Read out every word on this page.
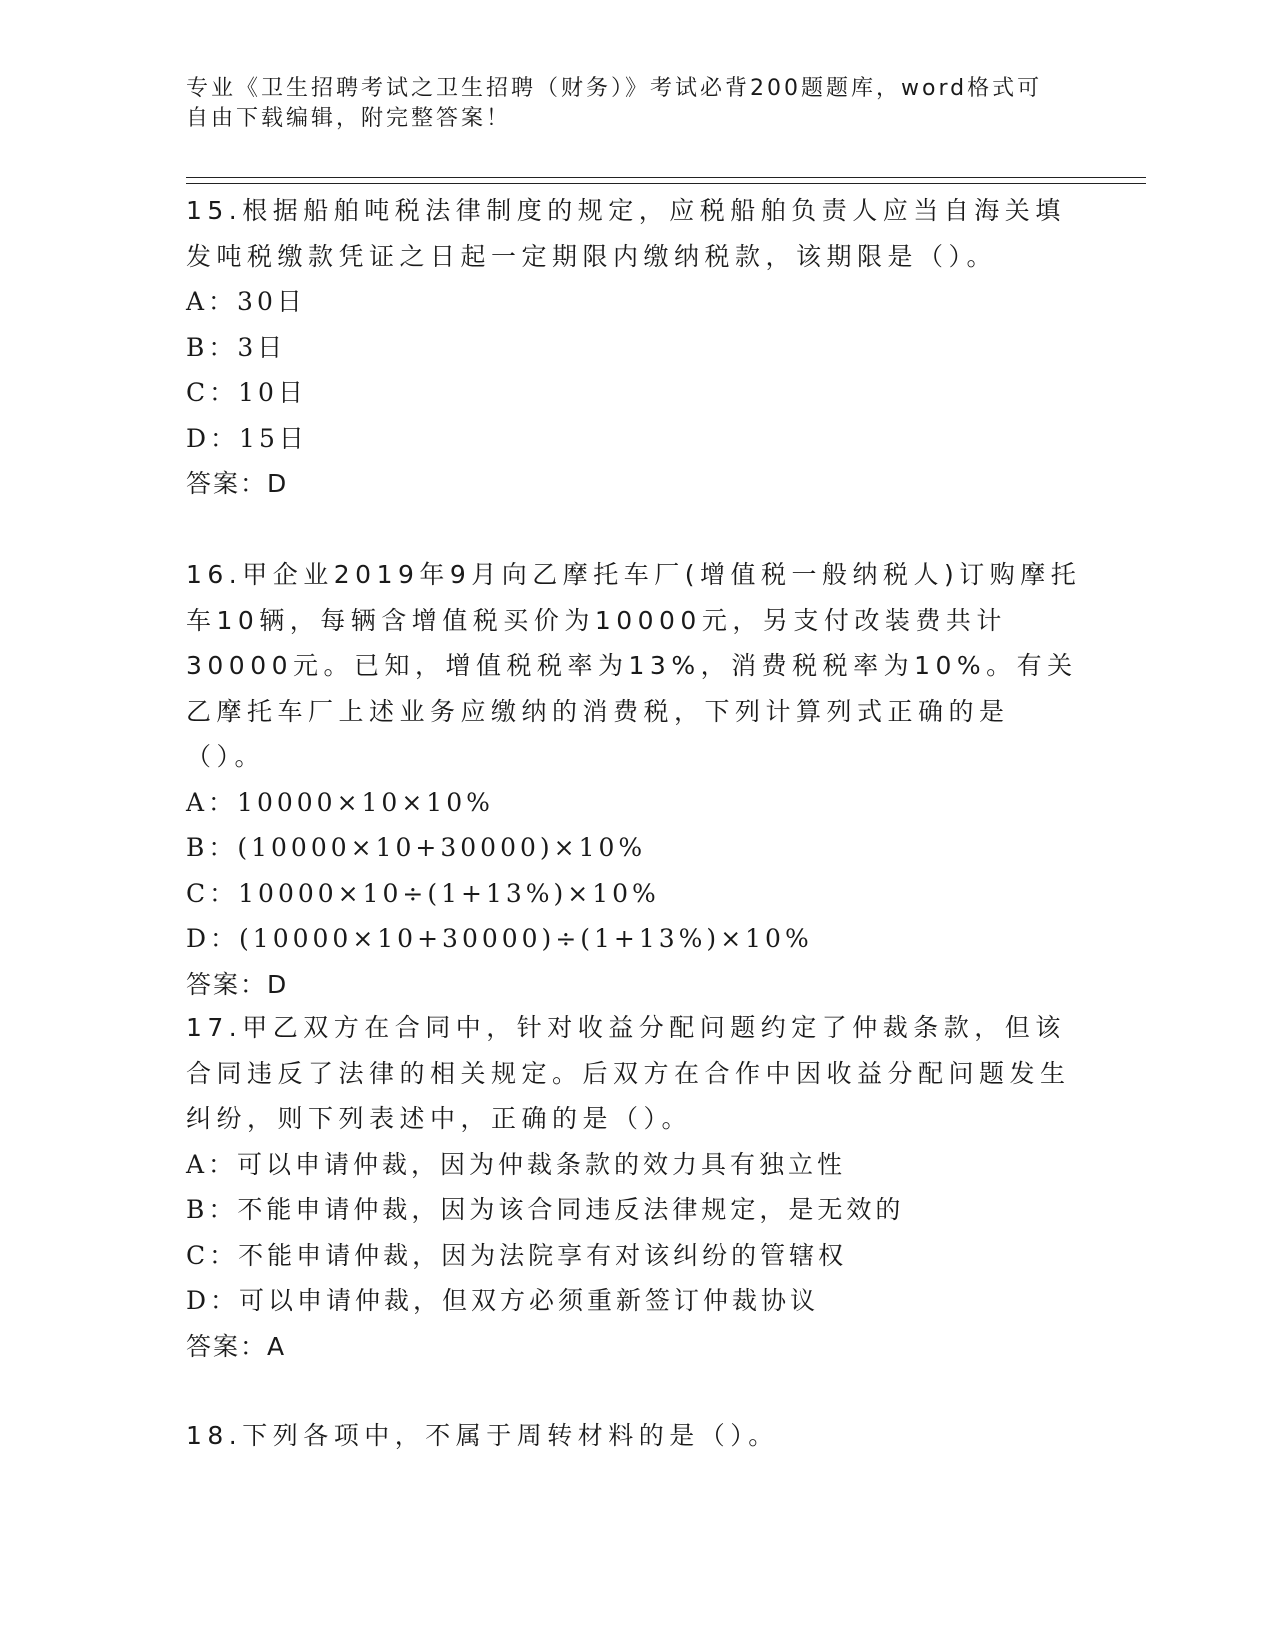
专业《卫生招聘考试之卫生招聘（财务）》考试必背200题题库，word格式可自由下载编辑，附完整答案！

15.根据船舶吨税法律制度的规定，应税船舶负责人应当自海关填发吨税缴款凭证之日起一定期限内缴纳税款，该期限是（）。

A：30日

B：3日

C：10日

D：15日

答案：D

16.甲企业2019年9月向乙摩托车厂(增值税一般纳税人)订购摩托车10辆，每辆含增值税买价为10000元，另支付改装费共计30000元。已知，增值税税率为13%，消费税税率为10%。有关乙摩托车厂上述业务应缴纳的消费税，下列计算列式正确的是（）。

A：10000×10×10%

B：(10000×10+30000)×10%

C：10000×10÷(1+13%)×10%

D：(10000×10+30000)÷(1+13%)×10%

答案：D

17.甲乙双方在合同中，针对收益分配问题约定了仲裁条款，但该合同违反了法律的相关规定。后双方在合作中因收益分配问题发生纠纷，则下列表述中，正确的是（）。

A：可以申请仲裁，因为仲裁条款的效力具有独立性

B：不能申请仲裁，因为该合同违反法律规定，是无效的

C：不能申请仲裁，因为法院享有对该纠纷的管辖权

D：可以申请仲裁，但双方必须重新签订仲裁协议

答案：A

18.下列各项中，不属于周转材料的是（）。
